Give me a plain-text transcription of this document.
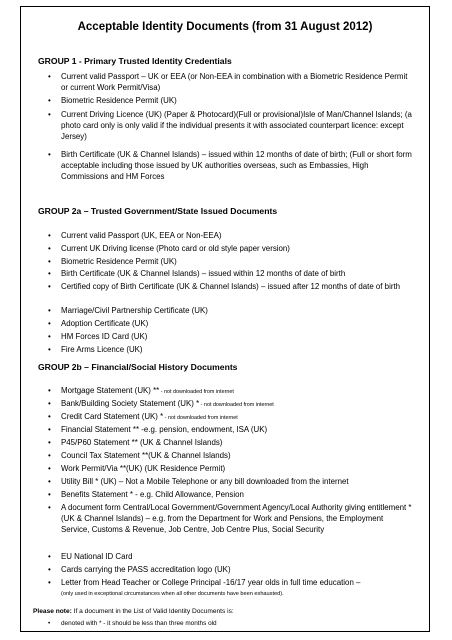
Acceptable Identity Documents (from 31 August 2012)
GROUP 1 - Primary Trusted Identity Credentials
• Current valid Passport – UK or EEA (or Non-EEA in combination with a Biometric Residence Permit or current Work Permit/Visa)
• Biometric Residence Permit (UK)
• Current Driving Licence (UK) (Paper & Photocard)(Full or provisional)Isle of Man/Channel Islands; (a photo card only is only valid if the individual presents it with associated counterpart licence: except Jersey)
• Birth Certificate (UK & Channel Islands) – issued within 12 months of date of birth; (Full or short form acceptable including those issued by UK authorities overseas, such as Embassies, High Commissions and HM Forces
GROUP 2a – Trusted Government/State Issued Documents
• Current valid Passport (UK, EEA or Non-EEA)
• Current UK Driving license (Photo card or old style paper version)
• Biometric Residence Permit (UK)
• Birth Certificate (UK & Channel Islands) – issued within 12 months of date of birth
• Certified copy of Birth Certificate (UK & Channel Islands) – issued after 12 months of date of birth
• Marriage/Civil Partnership Certificate (UK)
• Adoption Certificate (UK)
• HM Forces ID Card (UK)
• Fire Arms Licence (UK)
GROUP 2b – Financial/Social History Documents
• Mortgage Statement (UK) ** - not downloaded from internet
• Bank/Building Society Statement (UK) * - not downloaded from internet
• Credit Card Statement (UK) * - not downloaded from internet
• Financial Statement ** -e.g. pension, endowment, ISA (UK)
• P45/P60 Statement ** (UK & Channel Islands)
• Council Tax Statement **(UK & Channel Islands)
• Work Permit/Via **(UK) (UK Residence Permit)
• Utility Bill * (UK) – Not a Mobile Telephone or any bill downloaded from the internet
• Benefits Statement * - e.g. Child Allowance, Pension
• A document form Central/Local Government/Government Agency/Local Authority giving entitlement *(UK & Channel Islands) – e.g. from the Department for Work and Pensions, the Employment Service, Customs & Revenue, Job Centre, Job Centre Plus, Social Security
• EU National ID Card
• Cards carrying the PASS accreditation logo (UK)
• Letter from Head Teacher or College Principal -16/17 year olds in full time education –
(only used in exceptional circumstances when all other documents have been exhausted).
Please note: If a document in the List of Valid Identity Documents is:
• denoted with * - it should be less than three months old
